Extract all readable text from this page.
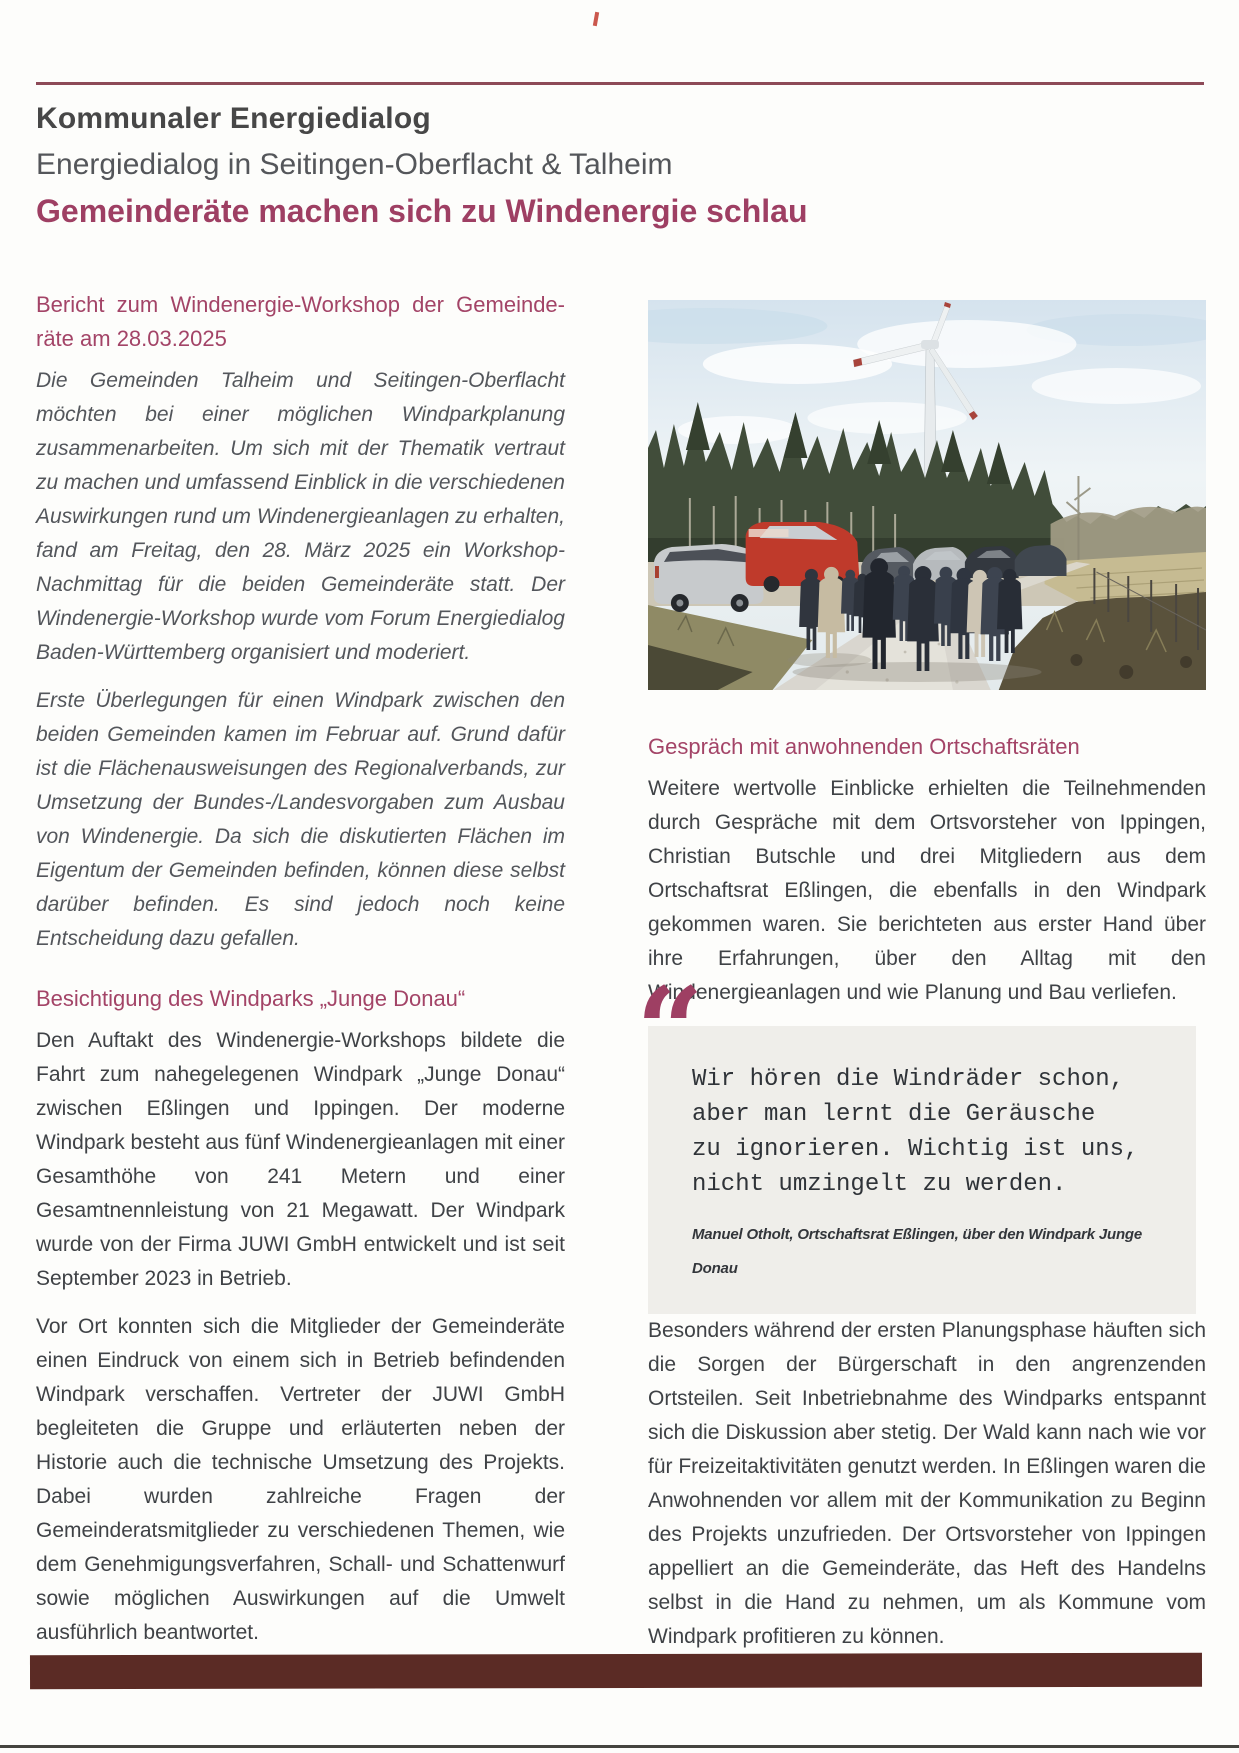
Kommunaler Energiedialog
Energiedialog in Seitingen-Oberflacht & Talheim
Gemeinderäte machen sich zu Windenergie schlau
Bericht zum Windenergie-Workshop der Gemeinde-
räte am 28.03.2025

Die Gemeinden Talheim und Seitingen-Oberflacht möchten bei einer möglichen Windparkplanung zusammenarbeiten. Um sich mit der Thematik vertraut zu machen und umfassend Einblick in die verschiedenen Auswirkungen rund um Windenergieanlagen zu erhalten, fand am Freitag, den 28. März 2025 ein Workshop-Nachmittag für die beiden Gemeinderäte statt. Der Windenergie-Workshop wurde vom Forum Energiedialog Baden-Württemberg organisiert und moderiert.

Erste Überlegungen für einen Windpark zwischen den beiden Gemeinden kamen im Februar auf. Grund dafür ist die Flächenausweisungen des Regionalverbands, zur Umsetzung der Bundes-/Landesvorgaben zum Ausbau von Windenergie. Da sich die diskutierten Flächen im Eigentum der Gemeinden befinden, können diese selbst darüber befinden. Es sind jedoch noch keine Entscheidung dazu gefallen.

Besichtigung des Windparks „Junge Donau“

Den Auftakt des Windenergie-Workshops bildete die Fahrt zum nahegelegenen Windpark „Junge Donau“ zwischen Eßlingen und Ippingen. Der moderne Windpark besteht aus fünf Windenergieanlagen mit einer Gesamthöhe von 241 Metern und einer Gesamtnennleistung von 21 Megawatt. Der Windpark wurde von der Firma JUWI GmbH entwickelt und ist seit September 2023 in Betrieb.

Vor Ort konnten sich die Mitglieder der Gemeinderäte einen Eindruck von einem sich in Betrieb befindenden Windpark verschaffen. Vertreter der JUWI GmbH begleiteten die Gruppe und erläuterten neben der Historie auch die technische Umsetzung des Projekts. Dabei wurden zahlreiche Fragen der Gemeinderatsmitglieder zu verschiedenen Themen, wie dem Genehmigungsverfahren, Schall- und Schattenwurf sowie möglichen Auswirkungen auf die Umwelt ausführlich beantwortet.

Gespräch mit anwohnenden Ortschaftsräten

Weitere wertvolle Einblicke erhielten die Teilnehmenden durch Gespräche mit dem Ortsvorsteher von Ippingen, Christian Butschle und drei Mitgliedern aus dem Ortschaftsrat Eßlingen, die ebenfalls in den Windpark gekommen waren. Sie berichteten aus erster Hand über ihre Erfahrungen, über den Alltag mit den Windenergieanlagen und wie Planung und Bau verliefen.

“
Wir hören die Windräder schon,
aber man lernt die Geräusche
zu ignorieren. Wichtig ist uns,
nicht umzingelt zu werden.
Manuel Otholt, Ortschaftsrat Eßlingen, über den Windpark Junge Donau

Besonders während der ersten Planungsphase häuften sich die Sorgen der Bürgerschaft in den angrenzenden Ortsteilen. Seit Inbetriebnahme des Windparks entspannt sich die Diskussion aber stetig. Der Wald kann nach wie vor für Freizeitaktivitäten genutzt werden. In Eßlingen waren die Anwohnenden vor allem mit der Kommunikation zu Beginn des Projekts unzufrieden. Der Ortsvorsteher von Ippingen appelliert an die Gemeinderäte, das Heft des Handelns selbst in die Hand zu nehmen, um als Kommune vom Windpark profitieren zu können.
